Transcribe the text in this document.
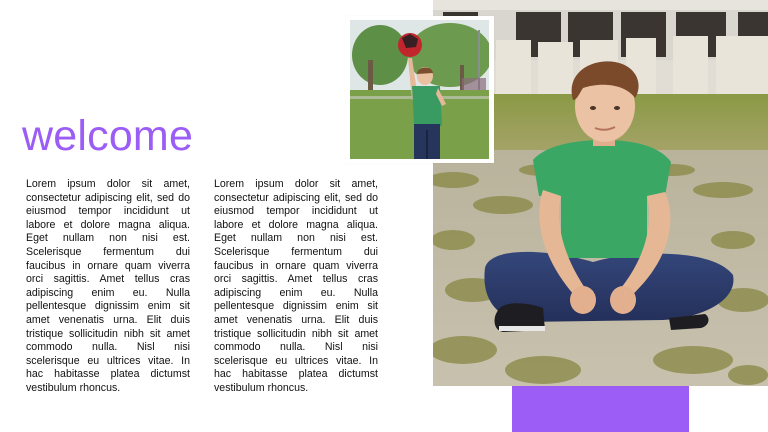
welcome

Lorem ipsum dolor sit amet, consectetur adipiscing elit, sed do eiusmod tempor incididunt ut labore et dolore magna aliqua. Eget nullam non nisi est. Scelerisque fermentum dui faucibus in ornare quam viverra orci sagittis. Amet tellus cras adipiscing enim eu. Nulla pellentesque dignissim enim sit amet venenatis urna. Elit duis tristique sollicitudin nibh sit amet commodo nulla. Nisl nisi scelerisque eu ultrices vitae. In hac habitasse platea dictumst vestibulum rhoncus.

Lorem ipsum dolor sit amet, consectetur adipiscing elit, sed do eiusmod tempor incididunt ut labore et dolore magna aliqua. Eget nullam non nisi est. Scelerisque fermentum dui faucibus in ornare quam viverra orci sagittis. Amet tellus cras adipiscing enim eu. Nulla pellentesque dignissim enim sit amet venenatis urna. Elit duis tristique sollicitudin nibh sit amet commodo nulla. Nisl nisi scelerisque eu ultrices vitae. In hac habitasse platea dictumst vestibulum rhoncus.
